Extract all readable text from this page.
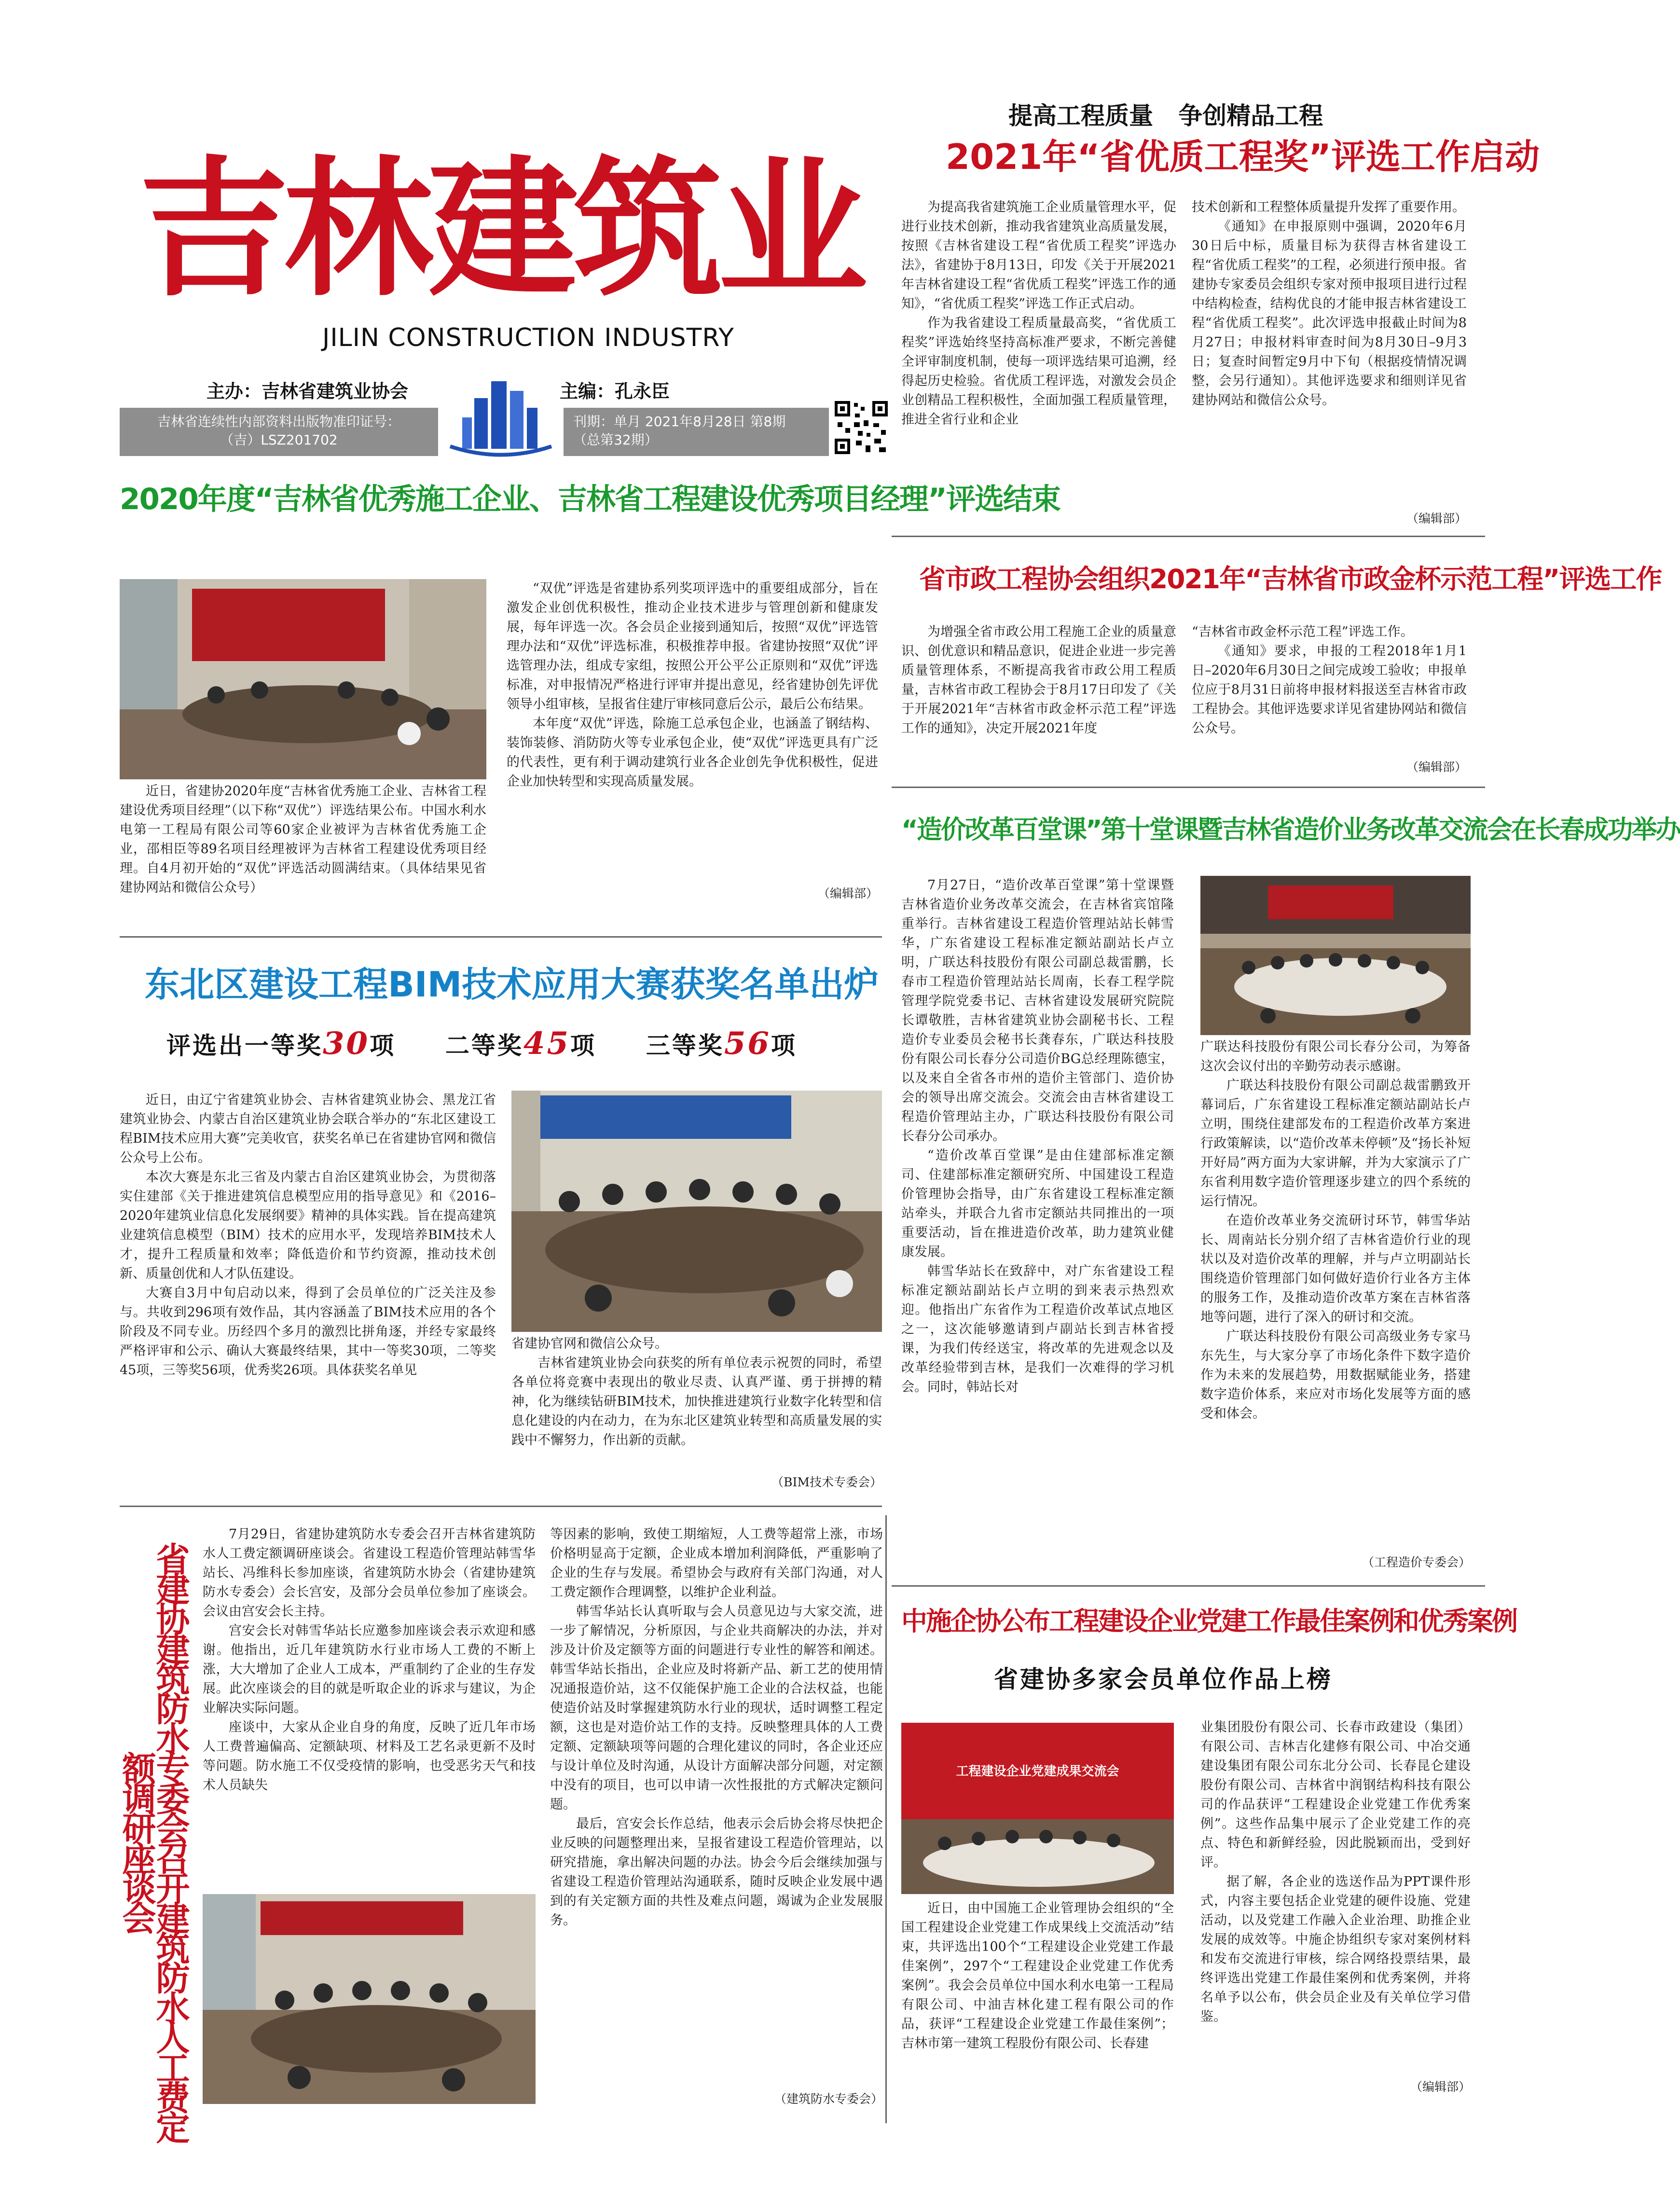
吉林建筑业
JILIN CONSTRUCTION INDUSTRY
主办：吉林省建筑业协会	主编：孔永臣
吉林省连续性内部资料出版物准印证号：
（吉）LSZ201702
刊期：单月 2021年8月28日 第8期
（总第32期）
提高工程质量   争创精品工程
2021年“省优质工程奖”评选工作启动

为提高我省建筑施工企业质量管理水平，促进行业技术创新，推动我省建筑业高质量发展，按照《吉林省建设工程“省优质工程奖”评选办法》，省建协于8月13日，印发《关于开展2021年吉林省建设工程“省优质工程奖”评选工作的通知》，“省优质工程奖”评选工作正式启动。

作为我省建设工程质量最高奖，“省优质工程奖”评选始终坚持高标准严要求，不断完善健全评审制度机制，使每一项评选结果可追溯，经得起历史检验。省优质工程评选，对激发会员企业创精品工程积极性，全面加强工程质量管理，推进全省行业和企业

技术创新和工程整体质量提升发挥了重要作用。

《通知》在申报原则中强调，2020年6月30日后中标，质量目标为获得吉林省建设工程“省优质工程奖”的工程，必须进行预申报。省建协专家委员会组织专家对预申报项目进行过程中结构检查，结构优良的才能申报吉林省建设工程“省优质工程奖”。此次评选申报截止时间为8月27日；申报材料审查时间为8月30日–9月3日；复查时间暂定9月中下旬（根据疫情情况调整，会另行通知）。其他评选要求和细则详见省建协网站和微信公众号。

（编辑部）
2020年度“吉林省优秀施工企业、吉林省工程建设优秀项目经理”评选结束

近日，省建协2020年度“吉林省优秀施工企业、吉林省工程建设优秀项目经理”（以下称“双优”）评选结果公布。中国水利水电第一工程局有限公司等60家企业被评为吉林省优秀施工企业，邵相臣等89名项目经理被评为吉林省工程建设优秀项目经理。自4月初开始的“双优”评选活动圆满结束。（具体结果见省建协网站和微信公众号）

“双优”评选是省建协系列奖项评选中的重要组成部分，旨在激发企业创优积极性，推动企业技术进步与管理创新和健康发展，每年评选一次。各会员企业接到通知后，按照“双优”评选管理办法和“双优”评选标准，积极推荐申报。省建协按照“双优”评选管理办法，组成专家组，按照公开公平公正原则和“双优”评选标准，对申报情况严格进行评审并提出意见，经省建协创先评优领导小组审核，呈报省住建厅审核同意后公示，最后公布结果。

本年度“双优”评选，除施工总承包企业，也涵盖了钢结构、装饰装修、消防防火等专业承包企业，使“双优”评选更具有广泛的代表性，更有利于调动建筑行业各企业创先争优积极性，促进企业加快转型和实现高质量发展。

（编辑部）
省市政工程协会组织2021年“吉林省市政金杯示范工程”评选工作

为增强全省市政公用工程施工企业的质量意识、创优意识和精品意识，促进企业进一步完善质量管理体系，不断提高我省市政公用工程质量，吉林省市政工程协会于8月17日印发了《关于开展2021年“吉林省市政金杯示范工程”评选工作的通知》，决定开展2021年度

“吉林省市政金杯示范工程”评选工作。

《通知》要求，申报的工程2018年1月1日–2020年6月30日之间完成竣工验收；申报单位应于8月31日前将申报材料报送至吉林省市政工程协会。其他评选要求详见省建协网站和微信公众号。

（编辑部）
东北区建设工程BIM技术应用大赛获奖名单出炉
评选出一等奖30项 二等奖45项 三等奖56项

近日，由辽宁省建筑业协会、吉林省建筑业协会、黑龙江省建筑业协会、内蒙古自治区建筑业协会联合举办的“东北区建设工程BIM技术应用大赛”完美收官，获奖名单已在省建协官网和微信公众号上公布。

本次大赛是东北三省及内蒙古自治区建筑业协会，为贯彻落实住建部《关于推进建筑信息模型应用的指导意见》和《2016–2020年建筑业信息化发展纲要》精神的具体实践。旨在提高建筑业建筑信息模型（BIM）技术的应用水平，发现培养BIM技术人才，提升工程质量和效率；降低造价和节约资源，推动技术创新、质量创优和人才队伍建设。

大赛自3月中旬启动以来，得到了会员单位的广泛关注及参与。共收到296项有效作品，其内容涵盖了BIM技术应用的各个阶段及不同专业。历经四个多月的激烈比拼角逐，并经专家最终严格评审和公示、确认大赛最终结果，其中一等奖30项，二等奖45项，三等奖56项，优秀奖26项。具体获奖名单见

省建协官网和微信公众号。

吉林省建筑业协会向获奖的所有单位表示祝贺的同时，希望各单位将竞赛中表现出的敬业尽责、认真严谨、勇于拼搏的精神，化为继续钻研BIM技术，加快推进建筑行业数字化转型和信息化建设的内在动力，在为东北区建筑业转型和高质量发展的实践中不懈努力，作出新的贡献。

（BIM技术专委会）
“造价改革百堂课”第十堂课暨吉林省造价业务改革交流会在长春成功举办

7月27日，“造价改革百堂课”第十堂课暨吉林省造价业务改革交流会，在吉林省宾馆隆重举行。吉林省建设工程造价管理站站长韩雪华，广东省建设工程标准定额站副站长卢立明，广联达科技股份有限公司副总裁雷鹏，长春市工程造价管理站站长周南，长春工程学院管理学院党委书记、吉林省建设发展研究院院长谭敬胜，吉林省建筑业协会副秘书长、工程造价专业委员会秘书长龚春东，广联达科技股份有限公司长春分公司造价BG总经理陈德宝，以及来自全省各市州的造价主管部门、造价协会的领导出席交流会。交流会由吉林省建设工程造价管理站主办，广联达科技股份有限公司长春分公司承办。

“造价改革百堂课”是由住建部标准定额司、住建部标准定额研究所、中国建设工程造价管理协会指导，由广东省建设工程标准定额站牵头，并联合九省市定额站共同推出的一项重要活动，旨在推进造价改革，助力建筑业健康发展。

韩雪华站长在致辞中，对广东省建设工程标准定额站副站长卢立明的到来表示热烈欢迎。他指出广东省作为工程造价改革试点地区之一，这次能够邀请到卢副站长到吉林省授课，为我们传经送宝，将改革的先进观念以及改革经验带到吉林，是我们一次难得的学习机会。同时，韩站长对

广联达科技股份有限公司长春分公司，为筹备这次会议付出的辛勤劳动表示感谢。

广联达科技股份有限公司副总裁雷鹏致开幕词后，广东省建设工程标准定额站副站长卢立明，围绕住建部发布的工程造价改革方案进行政策解读，以“造价改革未停顿”及“扬长补短开好局”两方面为大家讲解，并为大家演示了广东省利用数字造价管理逐步建立的四个系统的运行情况。

在造价改革业务交流研讨环节，韩雪华站长、周南站长分别介绍了吉林省造价行业的现状以及对造价改革的理解，并与卢立明副站长围绕造价管理部门如何做好造价行业各方主体的服务工作，及推动造价改革方案在吉林省落地等问题，进行了深入的研讨和交流。

广联达科技股份有限公司高级业务专家马东先生，与大家分享了市场化条件下数字造价作为未来的发展趋势，用数据赋能业务，搭建数字造价体系，来应对市场化发展等方面的感受和体会。

（工程造价专委会）
省建协建筑防水专委会召开建筑防水人工费定额调研座谈会

7月29日，省建协建筑防水专委会召开吉林省建筑防水人工费定额调研座谈会。省建设工程造价管理站韩雪华站长、冯维科长参加座谈，省建筑防水协会（省建协建筑防水专委会）会长宫安，及部分会员单位参加了座谈会。会议由宫安会长主持。

宫安会长对韩雪华站长应邀参加座谈会表示欢迎和感谢。他指出，近几年建筑防水行业市场人工费的不断上涨，大大增加了企业人工成本，严重制约了企业的生存发展。此次座谈会的目的就是听取企业的诉求与建议，为企业解决实际问题。

座谈中，大家从企业自身的角度，反映了近几年市场人工费普遍偏高、定额缺项、材料及工艺名录更新不及时等问题。防水施工不仅受疫情的影响，也受恶劣天气和技术人员缺失

等因素的影响，致使工期缩短，人工费等超常上涨，市场价格明显高于定额，企业成本增加利润降低，严重影响了企业的生存与发展。希望协会与政府有关部门沟通，对人工费定额作合理调整，以维护企业利益。

韩雪华站长认真听取与会人员意见边与大家交流，进一步了解情况，分析原因，与企业共商解决的办法，并对涉及计价及定额等方面的问题进行专业性的解答和阐述。韩雪华站长指出，企业应及时将新产品、新工艺的使用情况通报造价站，这不仅能保护施工企业的合法权益，也能使造价站及时掌握建筑防水行业的现状，适时调整工程定额，这也是对造价站工作的支持。反映整理具体的人工费定额、定额缺项等问题的合理化建议的同时，各企业还应与设计单位及时沟通，从设计方面解决部分问题，对定额中没有的项目，也可以申请一次性报批的方式解决定额问题。

最后，宫安会长作总结，他表示会后协会将尽快把企业反映的问题整理出来，呈报省建设工程造价管理站，以研究措施，拿出解决问题的办法。协会今后会继续加强与省建设工程造价管理站沟通联系，随时反映企业发展中遇到的有关定额方面的共性及难点问题，竭诚为企业发展服务。

（建筑防水专委会）
中施企协公布工程建设企业党建工作最佳案例和优秀案例
省建协多家会员单位作品上榜
工程建设企业党建成果交流会

近日，由中国施工企业管理协会组织的“全国工程建设企业党建工作成果线上交流活动”结束，共评选出100个“工程建设企业党建工作最佳案例”，297个“工程建设企业党建工作优秀案例”。我会会员单位中国水利水电第一工程局有限公司、中油吉林化建工程有限公司的作品，获评“工程建设企业党建工作最佳案例”；吉林市第一建筑工程股份有限公司、长春建

业集团股份有限公司、长春市政建设（集团）有限公司、吉林吉化建修有限公司、中冶交通建设集团有限公司东北分公司、长春昆仑建设股份有限公司、吉林省中润钢结构科技有限公司的作品获评“工程建设企业党建工作优秀案例”。这些作品集中展示了企业党建工作的亮点、特色和新鲜经验，因此脱颖而出，受到好评。

据了解，各企业的选送作品为PPT课件形式，内容主要包括企业党建的硬件设施、党建活动，以及党建工作融入企业治理、助推企业发展的成效等。中施企协组织专家对案例材料和发布交流进行审核，综合网络投票结果，最终评选出党建工作最佳案例和优秀案例，并将名单予以公布，供会员企业及有关单位学习借鉴。

（编辑部）
